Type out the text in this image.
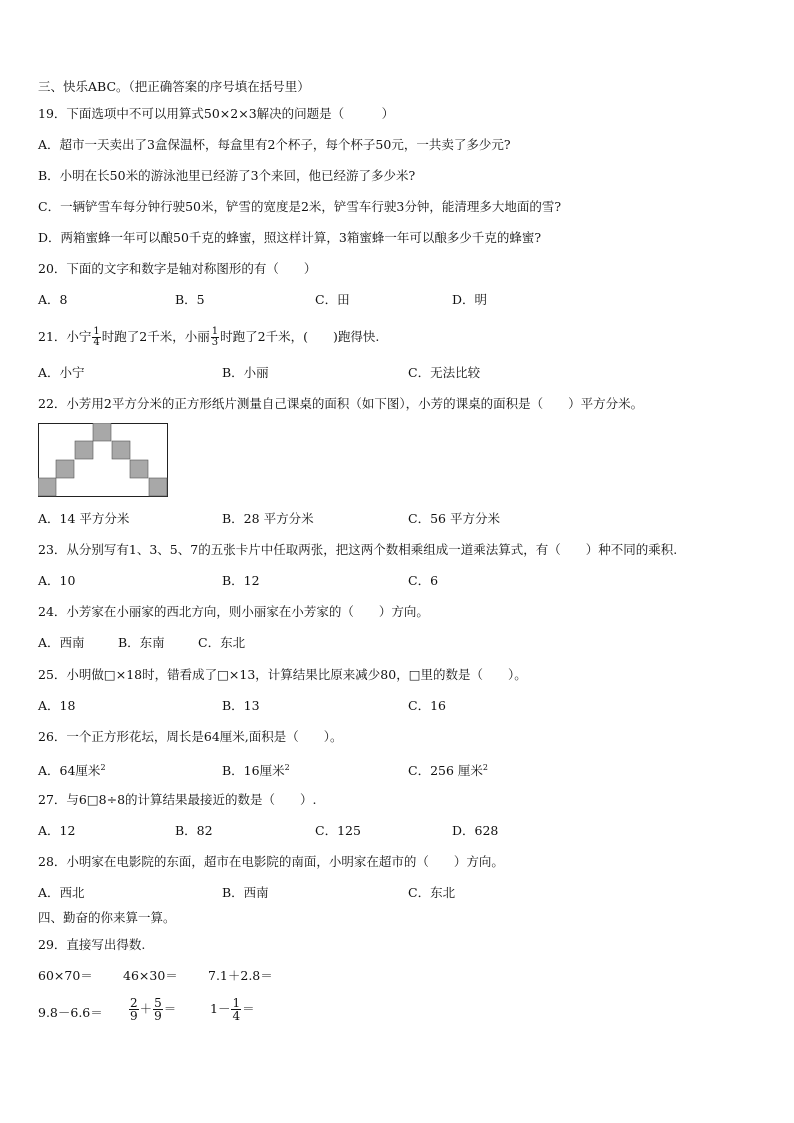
三、快乐ABC。（把正确答案的序号填在括号里）
19．下面选项中不可以用算式50×2×3解决的问题是（　　　）
A．超市一天卖出了3盒保温杯，每盒里有2个杯子，每个杯子50元，一共卖了多少元?
B．小明在长50米的游泳池里已经游了3个来回，他已经游了多少米?
C．一辆铲雪车每分钟行驶50米，铲雪的宽度是2米，铲雪车行驶3分钟，能清理多大地面的雪?
D．两箱蜜蜂一年可以酿50千克的蜂蜜，照这样计算，3箱蜜蜂一年可以酿多少千克的蜂蜜?
20．下面的文字和数字是轴对称图形的有（　　）
A．8	B．5	C．田	D．明
21．小宁 $\frac{1}{4}$ 时跑了2千米，小丽 $\frac{1}{3}$ 时跑了2千米，(　　)跑得快.
A．小宁	B．小丽	C．无法比较
22．小芳用2平方分米的正方形纸片测量自己课桌的面积（如下图），小芳的课桌的面积是（　　）平方分米。
A．14 平方分米	B．28 平方分米	C．56 平方分米
23．从分别写有1、3、5、7的五张卡片中任取两张，把这两个数相乘组成一道乘法算式，有（　　）种不同的乘积.
A．10	B．12	C．6
24．小芳家在小丽家的西北方向，则小丽家在小芳家的（　　）方向。
A．西南	B．东南	C．东北
25．小明做□×18时，错看成了□×13，计算结果比原来减少80，□里的数是（　　）。
A．18	B．13	C．16
26．一个正方形花坛，周长是64厘米,面积是（　　）。
A．64厘米$^2$	B．16厘米$^2$	C．256 厘米$^2$
27．与6□8÷8的计算结果最接近的数是（　　）.
A．12	B．82	C．125	D．628
28．小明家在电影院的东面，超市在电影院的南面，小明家在超市的（　　）方向。
A．西北	B．西南	C．东北
四、勤奋的你来算一算。
29．直接写出得数.
60×70＝ 46×30＝ 7.1＋2.8＝
$9.8-6.6= \frac{2}{9} + \frac{5}{9}$ ＝	$1- \frac{1}{4}$ ＝
